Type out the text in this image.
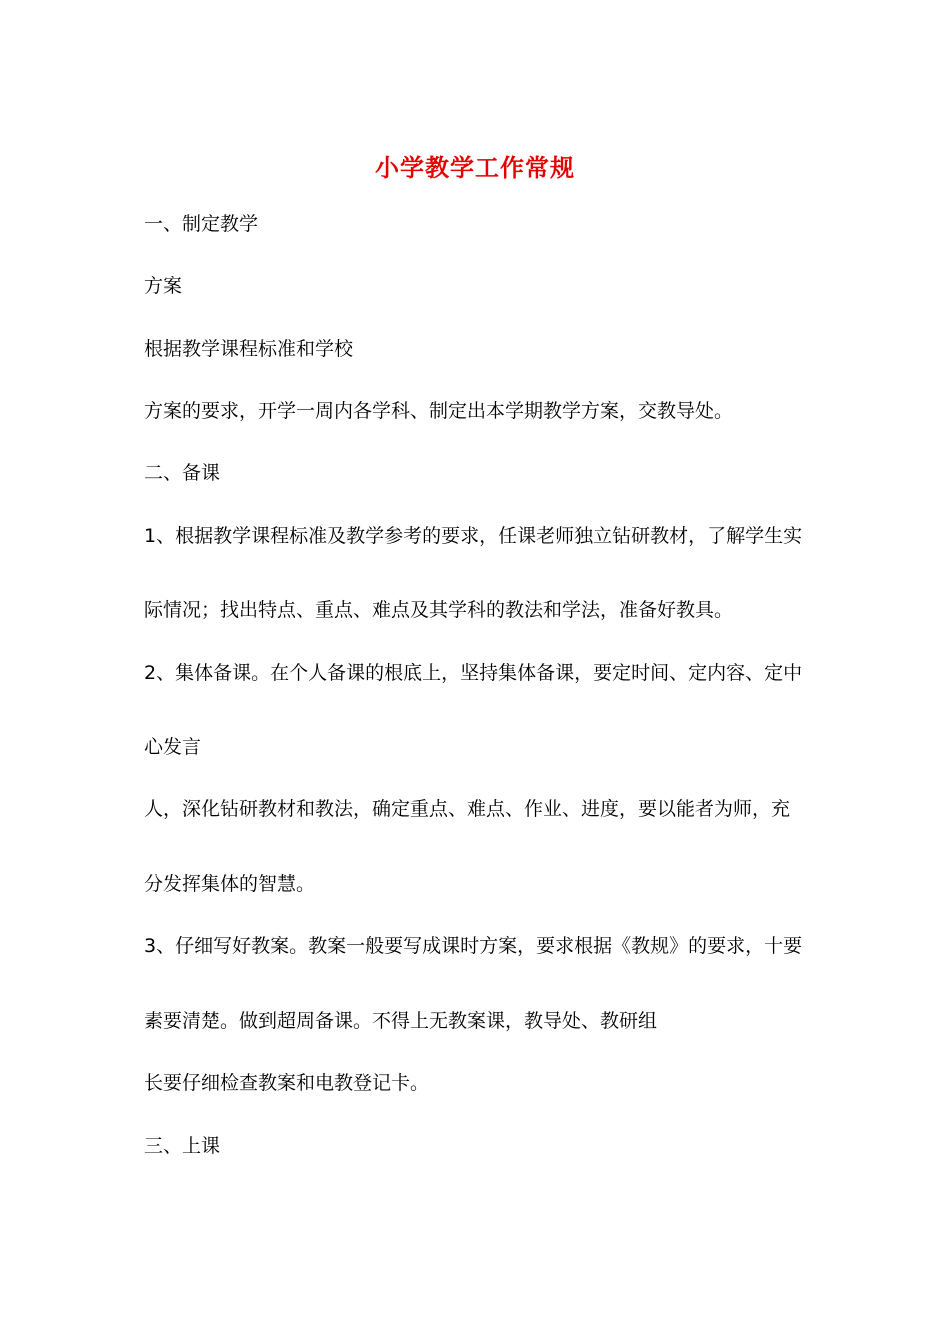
小学教学工作常规
一、制定教学
方案
根据教学课程标准和学校
方案的要求，开学一周内各学科、制定出本学期教学方案，交教导处。
二、备课
1、根据教学课程标准及教学参考的要求，任课老师独立钻研教材，了解学生实
际情况；找出特点、重点、难点及其学科的教法和学法，准备好教具。
2、集体备课。在个人备课的根底上，坚持集体备课，要定时间、定内容、定中
心发言
人，深化钻研教材和教法，确定重点、难点、作业、进度，要以能者为师，充
分发挥集体的智慧。
3、仔细写好教案。教案一般要写成课时方案，要求根据《教规》的要求，十要
素要清楚。做到超周备课。不得上无教案课，教导处、教研组
长要仔细检查教案和电教登记卡。
三、上课
